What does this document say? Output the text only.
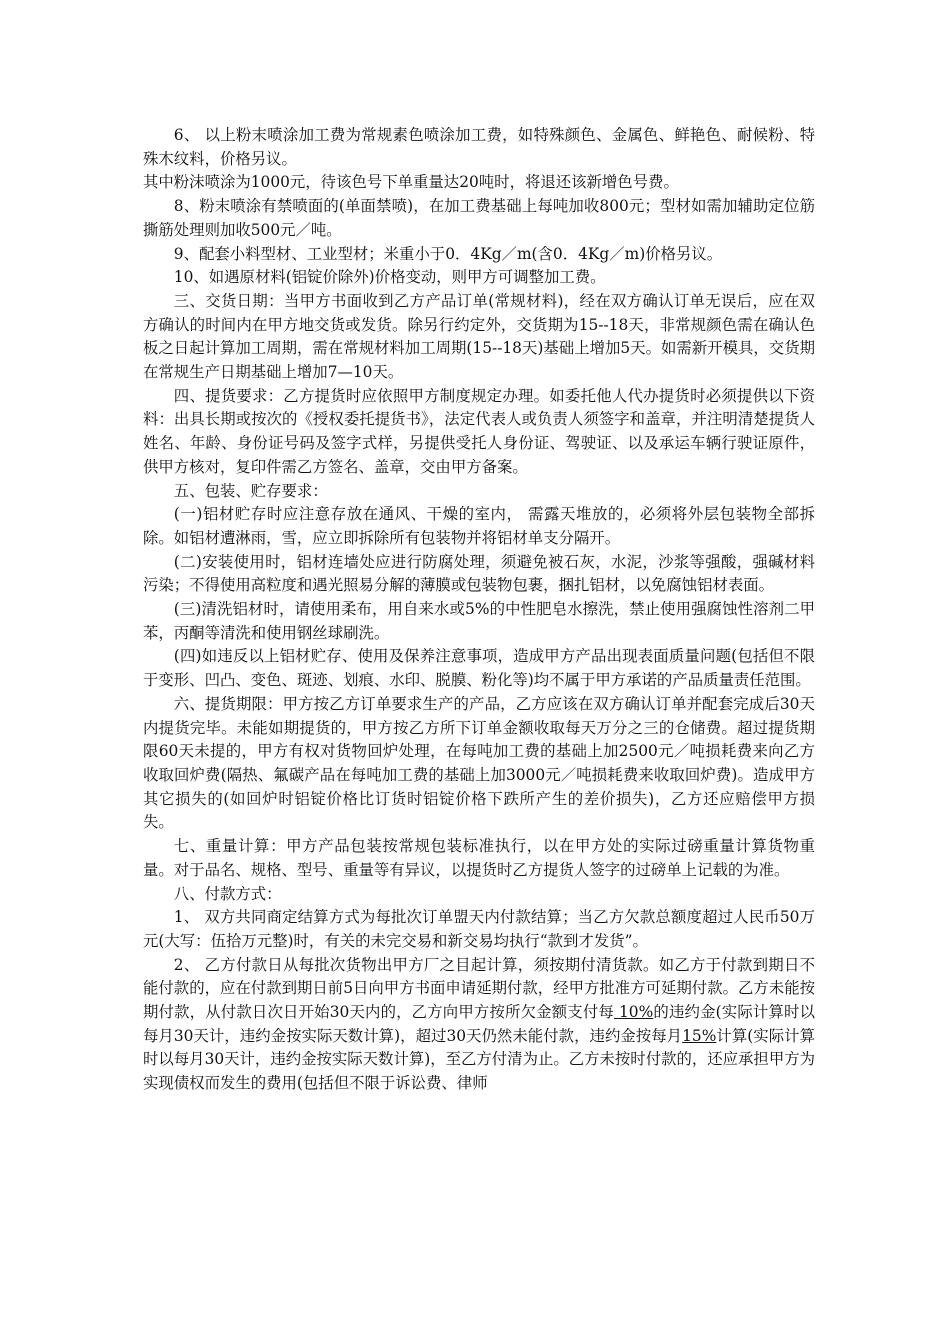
6、 以上粉末喷涂加工费为常规素色喷涂加工费，如特殊颜色、金属色、鲜艳色、耐候粉、特殊木纹料，价格另议。

其中粉沫喷涂为1000元，待该色号下单重量达20吨时，将退还该新增色号费。

8、粉末喷涂有禁喷面的(单面禁喷)，在加工费基础上每吨加收800元；型材如需加辅助定位筋撕筋处理则加收500元／吨。

9、配套小料型材、工业型材；米重小于0．4Kg／m(含0．4Kg／m)价格另议。

10、如遇原材料(铝锭价除外)价格变动，则甲方可调整加工费。

三、交货日期：当甲方书面收到乙方产品订单(常规材料)，经在双方确认订单无误后，应在双方确认的时间内在甲方地交货或发货。除另行约定外，交货期为15--18天，非常规颜色需在确认色板之日起计算加工周期，需在常规材料加工周期(15--18天)基础上增加5天。如需新开模具，交货期在常规生产日期基础上增加7—10天。

四、提货要求：乙方提货时应依照甲方制度规定办理。如委托他人代办提货时必须提供以下资料：出具长期或按次的《授权委托提货书》，法定代表人或负责人须签字和盖章，并注明清楚提货人姓名、年龄、身份证号码及签字式样，另提供受托人身份证、驾驶证、以及承运车辆行驶证原件，供甲方核对，复印件需乙方签名、盖章，交由甲方备案。

五、包装、贮存要求：

(一)铝材贮存时应注意存放在通风、干燥的室内， 需露天堆放的，必须将外层包装物全部拆除。如铝材遭淋雨，雪，应立即拆除所有包装物并将铝材单支分隔开。

(二)安装使用时，铝材连墙处应进行防腐处理，须避免被石灰，水泥，沙浆等强酸，强碱材料污染；不得使用高粒度和遇光照易分解的薄膜或包装物包裹，捆扎铝材，以免腐蚀铝材表面。

(三)清洗铝材时，请使用柔布，用自来水或5%的中性肥皂水擦洗，禁止使用强腐蚀性溶剂二甲苯，丙酮等清洗和使用钢丝球刷洗。

(四)如违反以上铝材贮存、使用及保养注意事项，造成甲方产品出现表面质量问题(包括但不限于变形、凹凸、变色、斑迹、划痕、水印、脱膜、粉化等)均不属于甲方承诺的产品质量责任范围。

六、提货期限：甲方按乙方订单要求生产的产品，乙方应该在双方确认订单并配套完成后30天内提货完毕。未能如期提货的，甲方按乙方所下订单金额收取每天万分之三的仓储费。超过提货期限60天未提的，甲方有权对货物回炉处理，在每吨加工费的基础上加2500元／吨损耗费来向乙方收取回炉费(隔热、氟碳产品在每吨加工费的基础上加3000元／吨损耗费来收取回炉费)。造成甲方其它损失的(如回炉时铝锭价格比订货时铝锭价格下跌所产生的差价损失)，乙方还应赔偿甲方损失。

七、重量计算：甲方产品包装按常规包装标准执行，以在甲方处的实际过磅重量计算货物重量。对于品名、规格、型号、重量等有异议，以提货时乙方提货人签字的过磅单上记载的为准。

八、付款方式：

1、 双方共同商定结算方式为每批次订单盟天内付款结算；当乙方欠款总额度超过人民币50万元(大写：伍拾万元整)时，有关的未完交易和新交易均执行“款到才发货”。

2、 乙方付款日从每批次货物出甲方厂之目起计算，须按期付清货款。如乙方于付款到期日不能付款的，应在付款到期日前5日向甲方书面申请延期付款，经甲方批准方可延期付款。乙方未能按期付款，从付款日次日开始30天内的，乙方向甲方按所欠金额支付每 10%的违约金(实际计算时以每月30天计，违约金按实际天数计算)，超过30天仍然未能付款，违约金按每月15%计算(实际计算时以每月30天计，违约金按实际天数计算)，至乙方付清为止。乙方未按时付款的，还应承担甲方为实现债权而发生的费用(包括但不限于诉讼费、律师
